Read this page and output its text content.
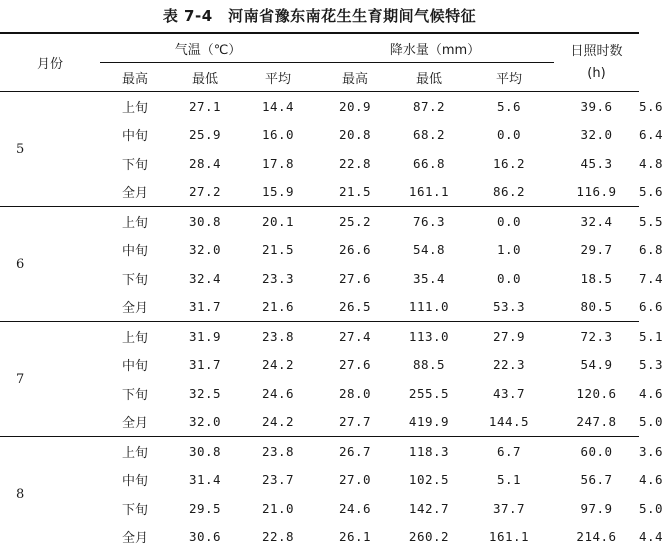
表 7-4　河南省豫东南花生生育期间气候特征
月份	气温（℃）			降水量（mm）			日照时数
(h)	
	最高	最低	平均	最高	最低	平均		
5	上旬	27.1	14.4	20.9	87.2	5.6	39.6	5.6
	中旬	25.9	16.0	20.8	68.2	0.0	32.0	6.4
	下旬	28.4	17.8	22.8	66.8	16.2	45.3	4.8
	全月	27.2	15.9	21.5	161.1	86.2	116.9	5.6
6	上旬	30.8	20.1	25.2	76.3	0.0	32.4	5.5
	中旬	32.0	21.5	26.6	54.8	1.0	29.7	6.8
	下旬	32.4	23.3	27.6	35.4	0.0	18.5	7.4
	全月	31.7	21.6	26.5	111.0	53.3	80.5	6.6
7	上旬	31.9	23.8	27.4	113.0	27.9	72.3	5.1
	中旬	31.7	24.2	27.6	88.5	22.3	54.9	5.3
	下旬	32.5	24.6	28.0	255.5	43.7	120.6	4.6
	全月	32.0	24.2	27.7	419.9	144.5	247.8	5.0
8	上旬	30.8	23.8	26.7	118.3	6.7	60.0	3.6
	中旬	31.4	23.7	27.0	102.5	5.1	56.7	4.6
	下旬	29.5	21.0	24.6	142.7	37.7	97.9	5.0
	全月	30.6	22.8	26.1	260.2	161.1	214.6	4.4
